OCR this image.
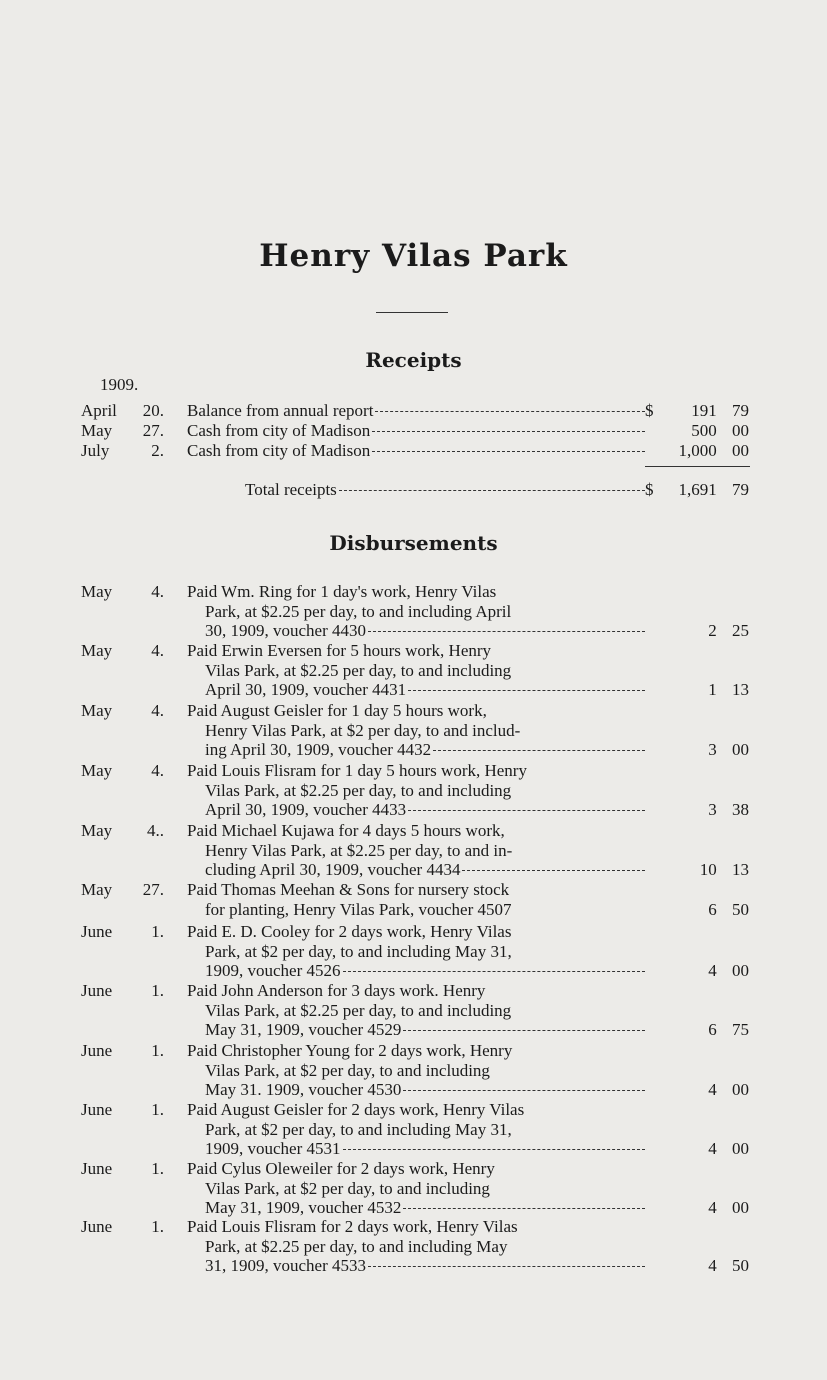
Henry Vilas Park
Receipts
1909.
April	20. Balance from annual report	$ 191 79
May	27. Cash from city of Madison	500 00
July	2. Cash from city of Madison	1,000 00
Total receipts	$ 1,691 79
Disbursements
May	4. Paid Wm. Ring for 1 day's work, Henry Vilas
Park, at $2.25 per day, to and including April
30, 1909, voucher 4430	2 25
May	4. Paid Erwin Eversen for 5 hours work, Henry
Vilas Park, at $2.25 per day, to and including
April 30, 1909, voucher 4431	1 13
May	4. Paid August Geisler for 1 day 5 hours work,
Henry Vilas Park, at $2 per day, to and includ-
ing April 30, 1909, voucher 4432	3 00
May	4. Paid Louis Flisram for 1 day 5 hours work, Henry
Vilas Park, at $2.25 per day, to and including
April 30, 1909, voucher 4433	3 38
May	4.. Paid Michael Kujawa for 4 days 5 hours work,
Henry Vilas Park, at $2.25 per day, to and in-
cluding April 30, 1909, voucher 4434	10 13
May	27. Paid Thomas Meehan & Sons for nursery stock
for planting, Henry Vilas Park, voucher 4507	6 50
June	1. Paid E. D. Cooley for 2 days work, Henry Vilas
Park, at $2 per day, to and including May 31,
1909, voucher 4526	4 00
June	1. Paid John Anderson for 3 days work. Henry
Vilas Park, at $2.25 per day, to and including
May 31, 1909, voucher 4529	6 75
June	1. Paid Christopher Young for 2 days work, Henry
Vilas Park, at $2 per day, to and including
May 31. 1909, voucher 4530	4 00
June	1. Paid August Geisler for 2 days work, Henry Vilas
Park, at $2 per day, to and including May 31,
1909, voucher 4531	4 00
June	1. Paid Cylus Oleweiler for 2 days work, Henry
Vilas Park, at $2 per day, to and including
May 31, 1909, voucher 4532	4 00
June	1. Paid Louis Flisram for 2 days work, Henry Vilas
Park, at $2.25 per day, to and including May
31, 1909, voucher 4533	4 50
